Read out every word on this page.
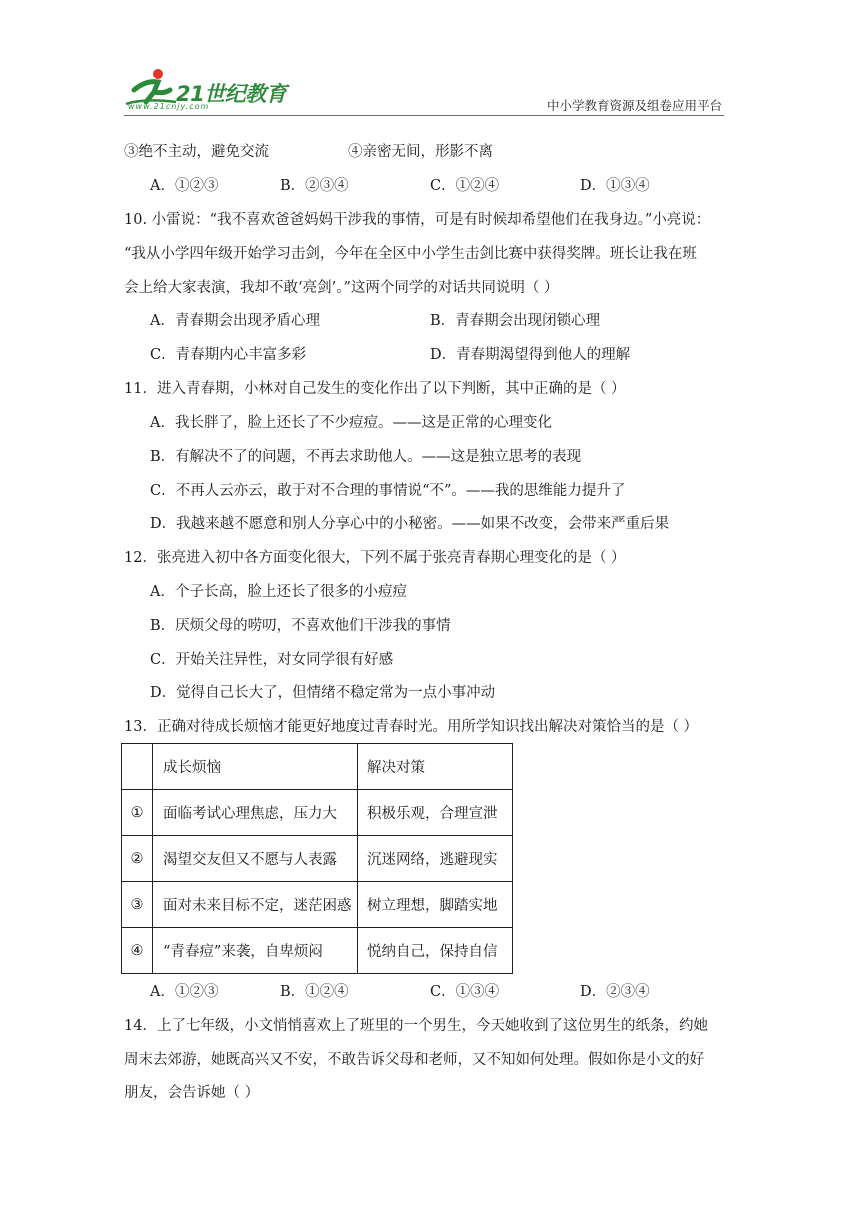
21世纪教育
www.21cnjy.com	中小学教育资源及组卷应用平台
③绝不主动，避免交流	④亲密无间，形影不离
A．①②③	B．②③④	C．①②④	D．①③④
10. 小雷说：“我不喜欢爸爸妈妈干涉我的事情，可是有时候却希望他们在我身边。”小亮说：
“我从小学四年级开始学习击剑，今年在全区中小学生击剑比赛中获得奖牌。班长让我在班
会上给大家表演，我却不敢‘亮剑’。”这两个同学的对话共同说明（ ）
A．青春期会出现矛盾心理	B．青春期会出现闭锁心理
C．青春期内心丰富多彩	D．青春期渴望得到他人的理解
11．进入青春期，小林对自己发生的变化作出了以下判断，其中正确的是（ ）
A．我长胖了，脸上还长了不少痘痘。——这是正常的心理变化
B．有解决不了的问题，不再去求助他人。——这是独立思考的表现
C．不再人云亦云，敢于对不合理的事情说“不”。——我的思维能力提升了
D．我越来越不愿意和别人分享心中的小秘密。——如果不改变，会带来严重后果
12．张亮进入初中各方面变化很大，下列不属于张亮青春期心理变化的是（ ）
A．个子长高，脸上还长了很多的小痘痘
B．厌烦父母的唠叨，不喜欢他们干涉我的事情
C．开始关注异性，对女同学很有好感
D．觉得自己长大了，但情绪不稳定常为一点小事冲动
13．正确对待成长烦恼才能更好地度过青春时光。用所学知识找出解决对策恰当的是（ ）
	成长烦恼	解决对策
①	面临考试心理焦虑，压力大	积极乐观，合理宣泄
②	渴望交友但又不愿与人表露	沉迷网络，逃避现实
③	面对未来目标不定，迷茫困惑	树立理想，脚踏实地
④	“青春痘”来袭，自卑烦闷	悦纳自己，保持自信
A．①②③	B．①②④	C．①③④	D．②③④
14．上了七年级，小文悄悄喜欢上了班里的一个男生，今天她收到了这位男生的纸条，约她
周末去郊游，她既高兴又不安，不敢告诉父母和老师，又不知如何处理。假如你是小文的好
朋友，会告诉她（ ）
